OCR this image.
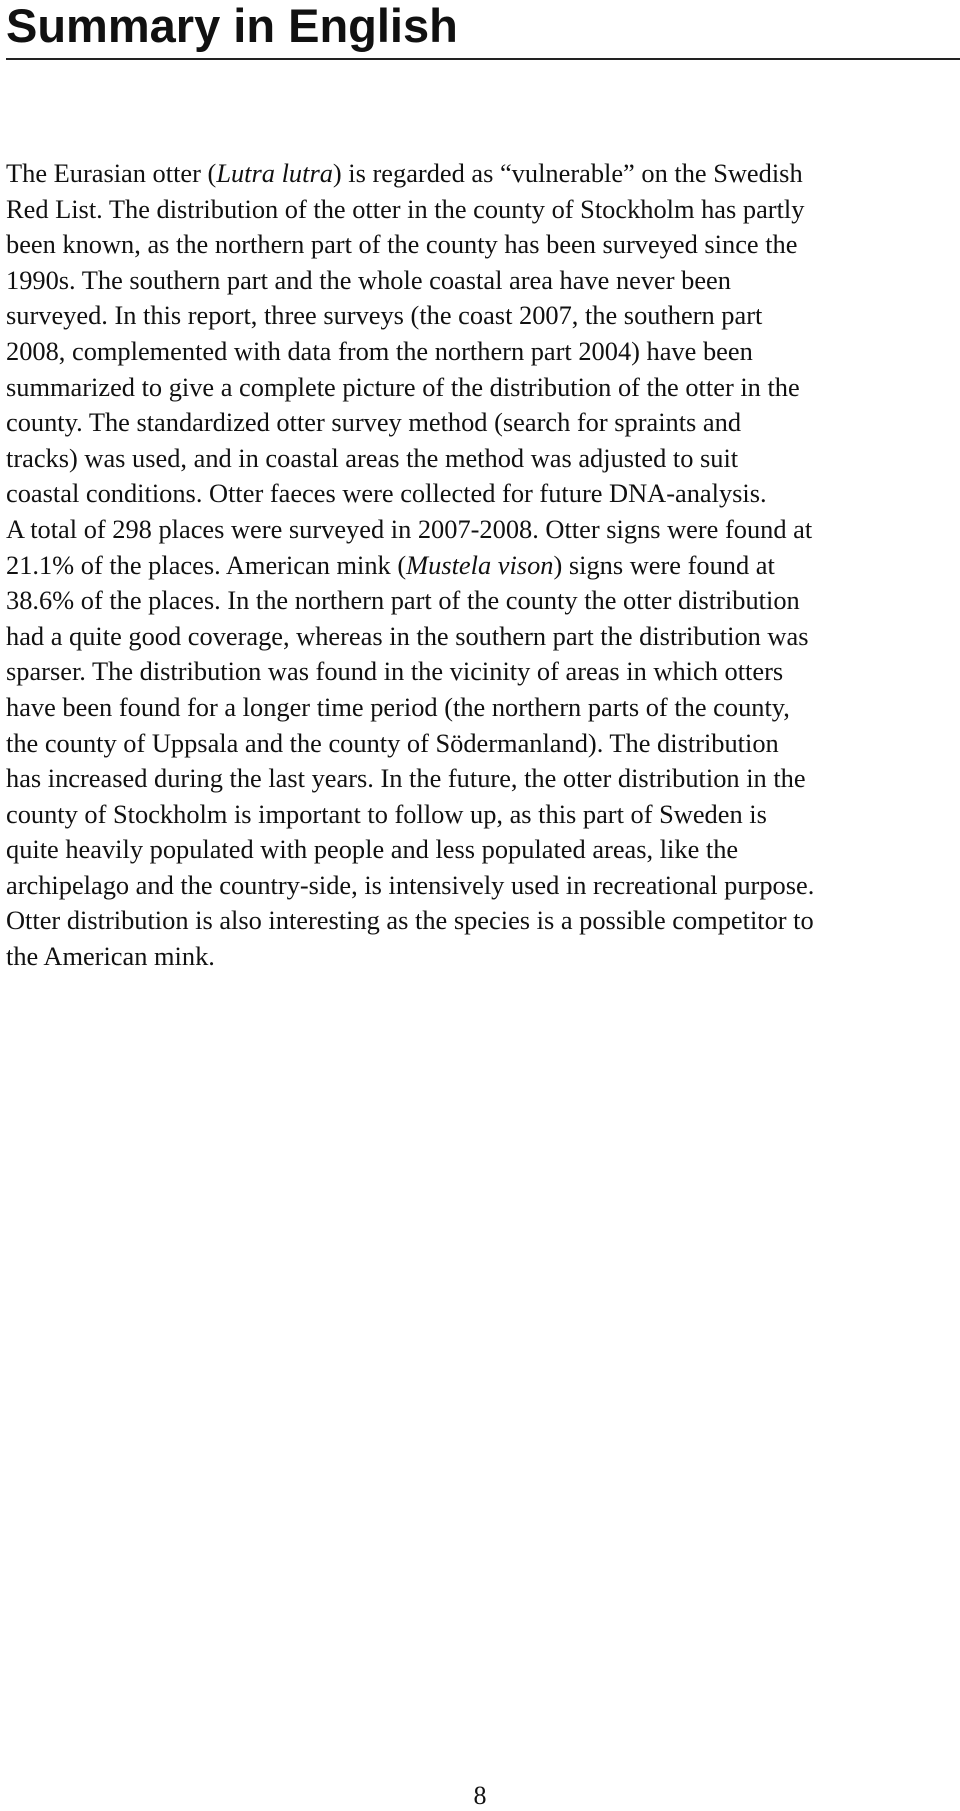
Summary in English

The Eurasian otter (Lutra lutra) is regarded as “vulnerable” on the Swedish
Red List. The distribution of the otter in the county of Stockholm has partly
been known, as the northern part of the county has been surveyed since the
1990s. The southern part and the whole coastal area have never been
surveyed. In this report, three surveys (the coast 2007, the southern part
2008, complemented with data from the northern part 2004) have been
summarized to give a complete picture of the distribution of the otter in the
county. The standardized otter survey method (search for spraints and
tracks) was used, and in coastal areas the method was adjusted to suit
coastal conditions. Otter faeces were collected for future DNA-analysis.
A total of 298 places were surveyed in 2007-2008. Otter signs were found at
21.1% of the places. American mink (Mustela vison) signs were found at
38.6% of the places. In the northern part of the county the otter distribution
had a quite good coverage, whereas in the southern part the distribution was
sparser. The distribution was found in the vicinity of areas in which otters
have been found for a longer time period (the northern parts of the county,
the county of Uppsala and the county of Södermanland). The distribution
has increased during the last years. In the future, the otter distribution in the
county of Stockholm is important to follow up, as this part of Sweden is
quite heavily populated with people and less populated areas, like the
archipelago and the country-side, is intensively used in recreational purpose.
Otter distribution is also interesting as the species is a possible competitor to
the American mink.

8
